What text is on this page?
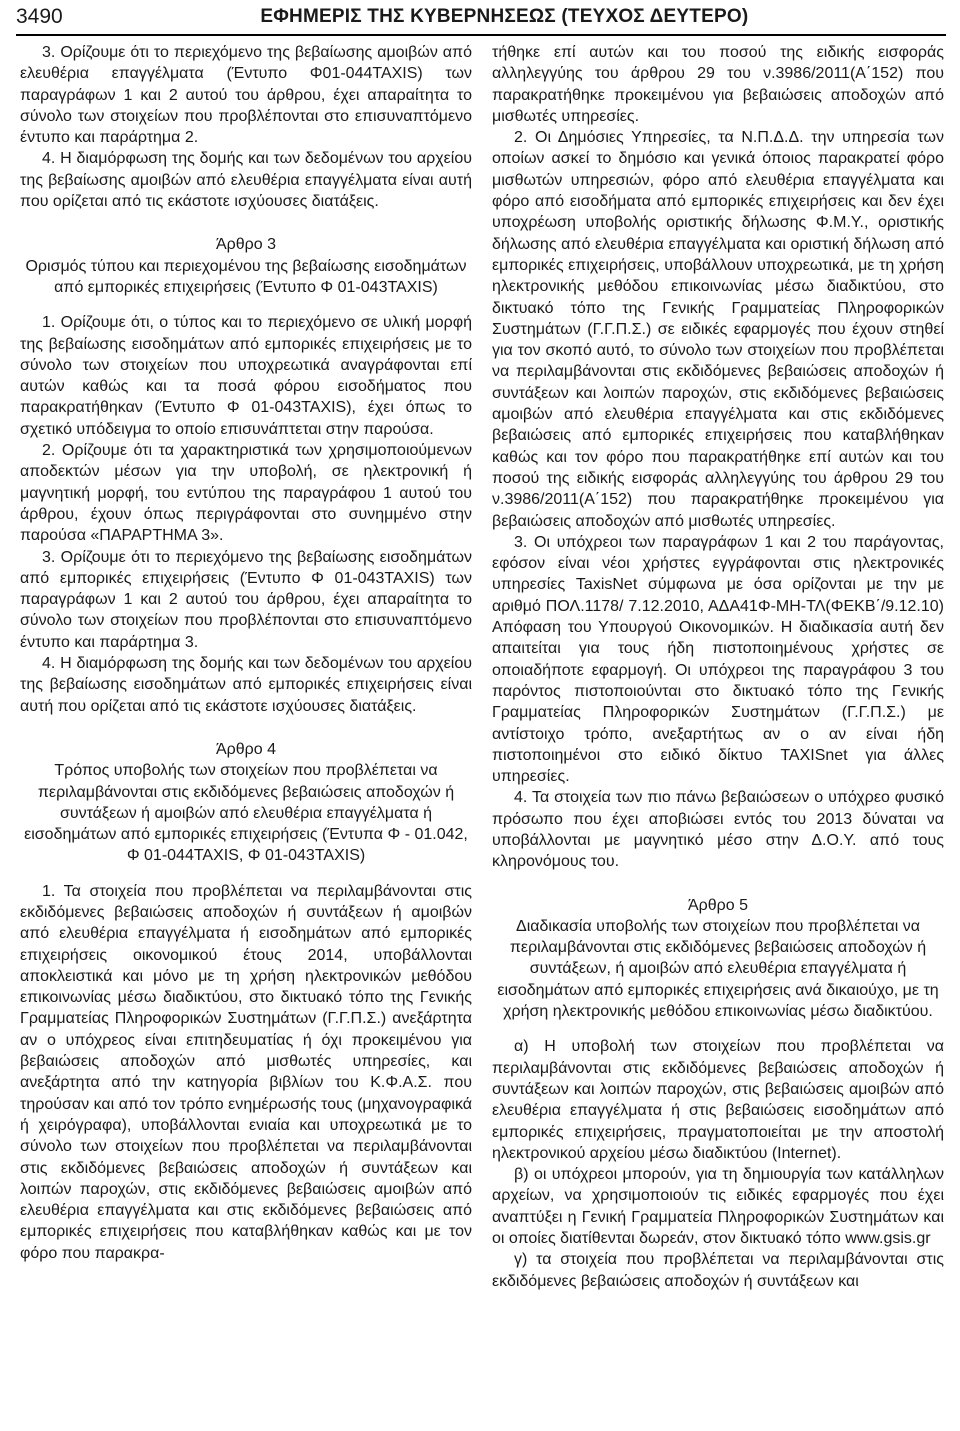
3490	ΕΦΗΜΕΡΙΣ ΤΗΣ ΚΥΒΕΡΝΗΣΕΩΣ (ΤΕΥΧΟΣ ΔΕΥΤΕΡΟ)

3. Ορίζουμε ότι το περιεχόμενο της βεβαίωσης αμοιβών από ελευθέρια επαγγέλματα (Έντυπο Φ01-044TAXIS) των παραγράφων 1 και 2 αυτού του άρθρου, έχει απαραίτητα το σύνολο των στοιχείων που προβλέπονται στο επισυναπτόμενο έντυπο και παράρτημα 2.

4. Η διαμόρφωση της δομής και των δεδομένων του αρχείου της βεβαίωσης αμοιβών από ελευθέρια επαγγέλματα είναι αυτή που ορίζεται από τις εκάστοτε ισχύουσες διατάξεις.

Άρθρο 3
Ορισμός τύπου και περιεχομένου της βεβαίωσης εισοδημάτων από εμπορικές επιχειρήσεις (Έντυπο Φ 01-043TAXIS)

1. Ορίζουμε ότι, ο τύπος και το περιεχόμενο σε υλική μορφή της βεβαίωσης εισοδημάτων από εμπορικές επιχειρήσεις με το σύνολο των στοιχείων που υποχρεωτικά αναγράφονται επί αυτών καθώς και τα ποσά φόρου εισοδήματος που παρακρατήθηκαν (Έντυπο Φ 01-043TAXIS), έχει όπως το σχετικό υπόδειγμα το οποίο επισυνάπτεται στην παρούσα.

2. Ορίζουμε ότι τα χαρακτηριστικά των χρησιμοποιούμενων αποδεκτών μέσων για την υποβολή, σε ηλεκτρονική ή μαγνητική μορφή, του εντύπου της παραγράφου 1 αυτού του άρθρου, έχουν όπως περιγράφονται στο συνημμένο στην παρούσα «ΠΑΡΑΡΤΗΜΑ 3».

3. Ορίζουμε ότι το περιεχόμενο της βεβαίωσης εισοδημάτων από εμπορικές επιχειρήσεις (Έντυπο Φ 01-043TAXIS) των παραγράφων 1 και 2 αυτού του άρθρου, έχει απαραίτητα το σύνολο των στοιχείων που προβλέπονται στο επισυναπτόμενο έντυπο και παράρτημα 3.

4. Η διαμόρφωση της δομής και των δεδομένων του αρχείου της βεβαίωσης εισοδημάτων από εμπορικές επιχειρήσεις είναι αυτή που ορίζεται από τις εκάστοτε ισχύουσες διατάξεις.

Άρθρο 4
Τρόπος υποβολής των στοιχείων που προβλέπεται να περιλαμβάνονται στις εκδιδόμενες βεβαιώσεις αποδοχών ή συντάξεων ή αμοιβών από ελευθέρια επαγγέλματα ή εισοδημάτων από εμπορικές επιχειρήσεις (Έντυπα Φ - 01.042, Φ 01-044TAXIS, Φ 01-043TAXIS)

1. Τα στοιχεία που προβλέπεται να περιλαμβάνονται στις εκδιδόμενες βεβαιώσεις αποδοχών ή συντάξεων ή αμοιβών από ελευθέρια επαγγέλματα ή εισοδημάτων από εμπορικές επιχειρήσεις οικονομικού έτους 2014, υποβάλλονται αποκλειστικά και μόνο με τη χρήση ηλεκτρονικών μεθόδου επικοινωνίας μέσω διαδικτύου, στο δικτυακό τόπο της Γενικής Γραμματείας Πληροφορικών Συστημάτων (Γ.Γ.Π.Σ.) ανεξάρτητα αν ο υπόχρεος είναι επιτηδευματίας ή όχι προκειμένου για βεβαιώσεις αποδοχών από μισθωτές υπηρεσίες, και ανεξάρτητα από την κατηγορία βιβλίων του Κ.Φ.Α.Σ. που τηρούσαν και από τον τρόπο ενημέρωσής τους (μηχανογραφικά ή χειρόγραφα), υποβάλλονται ενιαία και υποχρεωτικά με το σύνολο των στοιχείων που προβλέπεται να περιλαμβάνονται στις εκδιδόμενες βεβαιώσεις αποδοχών ή συντάξεων και λοιπών παροχών, στις εκδιδόμενες βεβαιώσεις αμοιβών από ελευθέρια επαγγέλματα και στις εκδιδόμενες βεβαιώσεις από εμπορικές επιχειρήσεις που καταβλήθηκαν καθώς και με τον φόρο που παρακρα-

τήθηκε επί αυτών και του ποσού της ειδικής εισφοράς αλληλεγγύης του άρθρου 29 του ν.3986/2011(Α΄152) που παρακρατήθηκε προκειμένου για βεβαιώσεις αποδοχών από μισθωτές υπηρεσίες.

2. Οι Δημόσιες Υπηρεσίες, τα Ν.Π.Δ.Δ. την υπηρεσία των οποίων ασκεί το δημόσιο και γενικά όποιος παρακρατεί φόρο μισθωτών υπηρεσιών, φόρο από ελευθέρια επαγγέλματα και φόρο από εισοδήματα από εμπορικές επιχειρήσεις και δεν έχει υποχρέωση υποβολής οριστικής δήλωσης Φ.Μ.Υ., οριστικής δήλωσης από ελευθέρια επαγγέλματα και οριστική δήλωση από εμπορικές επιχειρήσεις, υποβάλλουν υποχρεωτικά, με τη χρήση ηλεκτρονικής μεθόδου επικοινωνίας μέσω διαδικτύου, στο δικτυακό τόπο της Γενικής Γραμματείας Πληροφορικών Συστημάτων (Γ.Γ.Π.Σ.) σε ειδικές εφαρμογές που έχουν στηθεί για τον σκοπό αυτό, το σύνολο των στοιχείων που προβλέπεται να περιλαμβάνονται στις εκδιδόμενες βεβαιώσεις αποδοχών ή συντάξεων και λοιπών παροχών, στις εκδιδόμενες βεβαιώσεις αμοιβών από ελευθέρια επαγγέλματα και στις εκδιδόμενες βεβαιώσεις από εμπορικές επιχειρήσεις που καταβλήθηκαν καθώς και τον φόρο που παρακρατήθηκε επί αυτών και του ποσού της ειδικής εισφοράς αλληλεγγύης του άρθρου 29 του ν.3986/2011(Α΄152) που παρακρατήθηκε προκειμένου για βεβαιώσεις αποδοχών από μισθωτές υπηρεσίες.

3. Οι υπόχρεοι των παραγράφων 1 και 2 του παράγοντας, εφόσον είναι νέοι χρήστες εγγράφονται στις ηλεκτρονικές υπηρεσίες TaxisNet σύμφωνα με όσα ορίζονται με την με αριθμό ΠΟΛ.1178/ 7.12.2010, ΑΔΑ41Φ-ΜΗ-ΤΛ(ΦΕΚΒ΄/9.12.10) Απόφαση του Υπουργού Οικονομικών. Η διαδικασία αυτή δεν απαιτείται για τους ήδη πιστοποιημένους χρήστες σε οποιαδήποτε εφαρμογή. Οι υπόχρεοι της παραγράφου 3 του παρόντος πιστοποιούνται στο δικτυακό τόπο της Γενικής Γραμματείας Πληροφορικών Συστημάτων (Γ.Γ.Π.Σ.) με αντίστοιχο τρόπο, ανεξαρτήτως αν ο αν είναι ήδη πιστοποιημένοι στο ειδικό δίκτυο TAXISnet για άλλες υπηρεσίες.

4. Τα στοιχεία των πιο πάνω βεβαιώσεων ο υπόχρεο φυσικό πρόσωπο που έχει αποβιώσει εντός του 2013 δύναται να υποβάλλονται με μαγνητικό μέσο στην Δ.Ο.Υ. από τους κληρονόμους του.

Άρθρο 5
Διαδικασία υποβολής των στοιχείων που προβλέπεται να περιλαμβάνονται στις εκδιδόμενες βεβαιώσεις αποδοχών ή συντάξεων, ή αμοιβών από ελευθέρια επαγγέλματα ή εισοδημάτων από εμπορικές επιχειρήσεις ανά δικαιούχο, με τη χρήση ηλεκτρονικής μεθόδου επικοινωνίας μέσω διαδικτύου.

α) Η υποβολή των στοιχείων που προβλέπεται να περιλαμβάνονται στις εκδιδόμενες βεβαιώσεις αποδοχών ή συντάξεων και λοιπών παροχών, στις βεβαιώσεις αμοιβών από ελευθέρια επαγγέλματα ή στις βεβαιώσεις εισοδημάτων από εμπορικές επιχειρήσεις, πραγματοποιείται με την αποστολή ηλεκτρονικού αρχείου μέσω διαδικτύου (Internet).

β) οι υπόχρεοι μπορούν, για τη δημιουργία των κατάλληλων αρχείων, να χρησιμοποιούν τις ειδικές εφαρμογές που έχει αναπτύξει η Γενική Γραμματεία Πληροφορικών Συστημάτων και οι οποίες διατίθενται δωρεάν, στον δικτυακό τόπο www.gsis.gr

γ) τα στοιχεία που προβλέπεται να περιλαμβάνονται στις εκδιδόμενες βεβαιώσεις αποδοχών ή συντάξεων και
